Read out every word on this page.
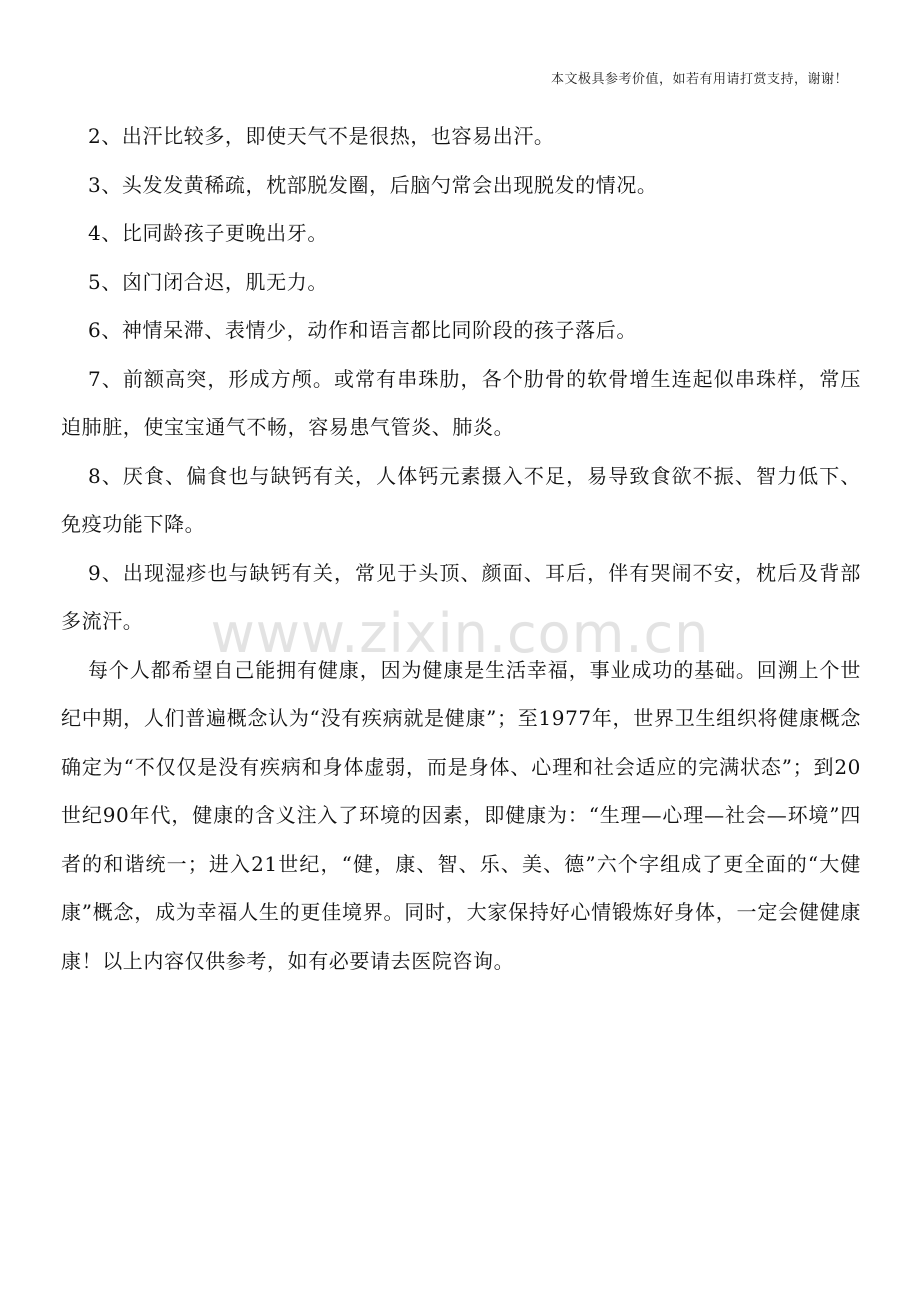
本文极具参考价值，如若有用请打赏支持，谢谢！
www.zixin.com.cn

2、出汗比较多，即使天气不是很热，也容易出汗。

3、头发发黄稀疏，枕部脱发圈，后脑勺常会出现脱发的情况。

4、比同龄孩子更晚出牙。

5、囟门闭合迟，肌无力。

6、神情呆滞、表情少，动作和语言都比同阶段的孩子落后。

7、前额高突，形成方颅。或常有串珠肋，各个肋骨的软骨增生连起似串珠样，常压迫肺脏，使宝宝通气不畅，容易患气管炎、肺炎。

8、厌食、偏食也与缺钙有关，人体钙元素摄入不足，易导致食欲不振、智力低下、免疫功能下降。

9、出现湿疹也与缺钙有关，常见于头顶、颜面、耳后，伴有哭闹不安，枕后及背部多流汗。

每个人都希望自己能拥有健康，因为健康是生活幸福，事业成功的基础。回溯上个世纪中期，人们普遍概念认为“没有疾病就是健康”；至1977年，世界卫生组织将健康概念确定为“不仅仅是没有疾病和身体虚弱，而是身体、心理和社会适应的完满状态”；到20世纪90年代，健康的含义注入了环境的因素，即健康为：“生理—心理—社会—环境”四者的和谐统一；进入21世纪，“健，康、智、乐、美、德”六个字组成了更全面的“大健康”概念，成为幸福人生的更佳境界。同时，大家保持好心情锻炼好身体，一定会健健康康！以上内容仅供参考，如有必要请去医院咨询。
